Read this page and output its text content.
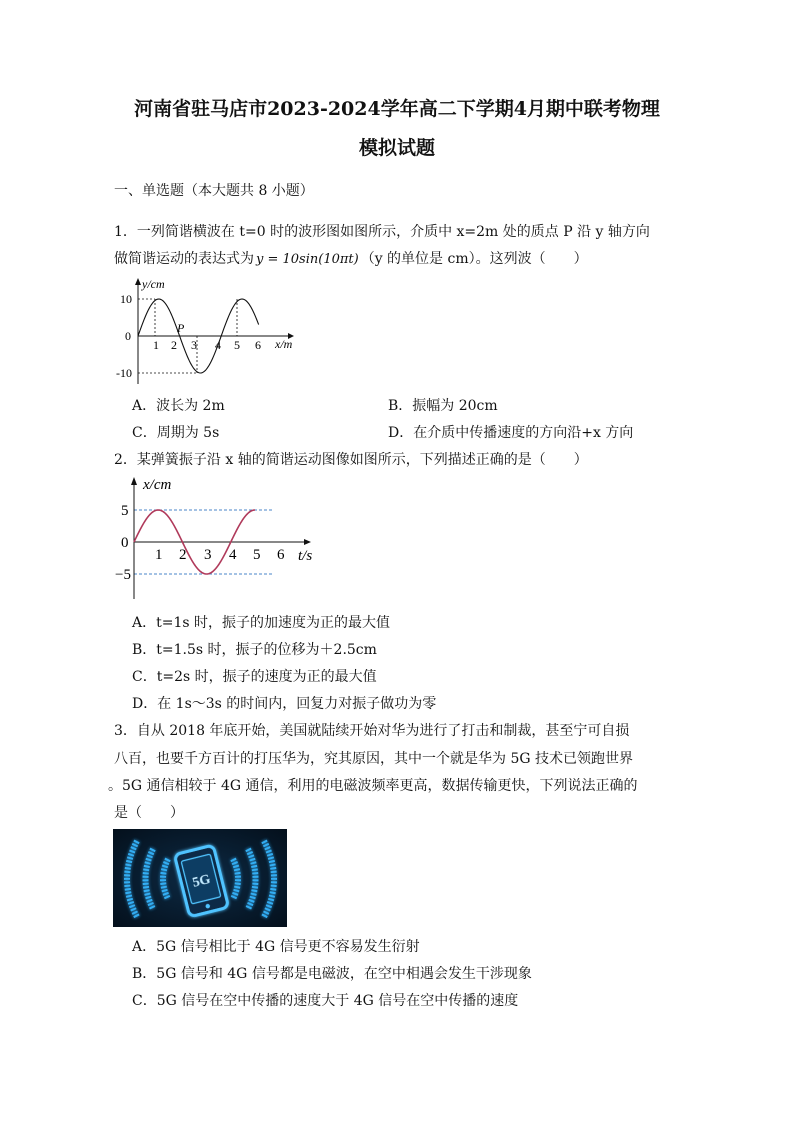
河南省驻马店市2023-2024学年高二下学期4月期中联考物理
模拟试题
一、单选题（本大题共 8 小题）
1．一列简谐横波在 t=0 时的波形图如图所示，介质中 x=2m 处的质点 P 沿 y 轴方向
做简谐运动的表达式为 y = 10sin(10πt) （y 的单位是 cm）。这列波（　　）
y/cm
x/m
10
0
-10
1 2 3 4 5 6
P
A．波长为 2m	B．振幅为 20cm
C．周期为 5s	D．在介质中传播速度的方向沿+x 方向
2．某弹簧振子沿 x 轴的简谐运动图像如图所示，下列描述正确的是（　　）
x/cm
t/s
5
0
−5
1 2 3 4 5 6
A．t=1s 时，振子的加速度为正的最大值
B．t=1.5s 时，振子的位移为＋2.5cm
C．t=2s 时，振子的速度为正的最大值
D．在 1s～3s 的时间内，回复力对振子做功为零
3．自从 2018 年底开始，美国就陆续开始对华为进行了打击和制裁，甚至宁可自损
八百，也要千方百计的打压华为，究其原因，其中一个就是华为 5G 技术已领跑世界
。5G 通信相较于 4G 通信，利用的电磁波频率更高，数据传输更快，下列说法正确的
是（　　）
5G
A．5G 信号相比于 4G 信号更不容易发生衍射
B．5G 信号和 4G 信号都是电磁波，在空中相遇会发生干涉现象
C．5G 信号在空中传播的速度大于 4G 信号在空中传播的速度
